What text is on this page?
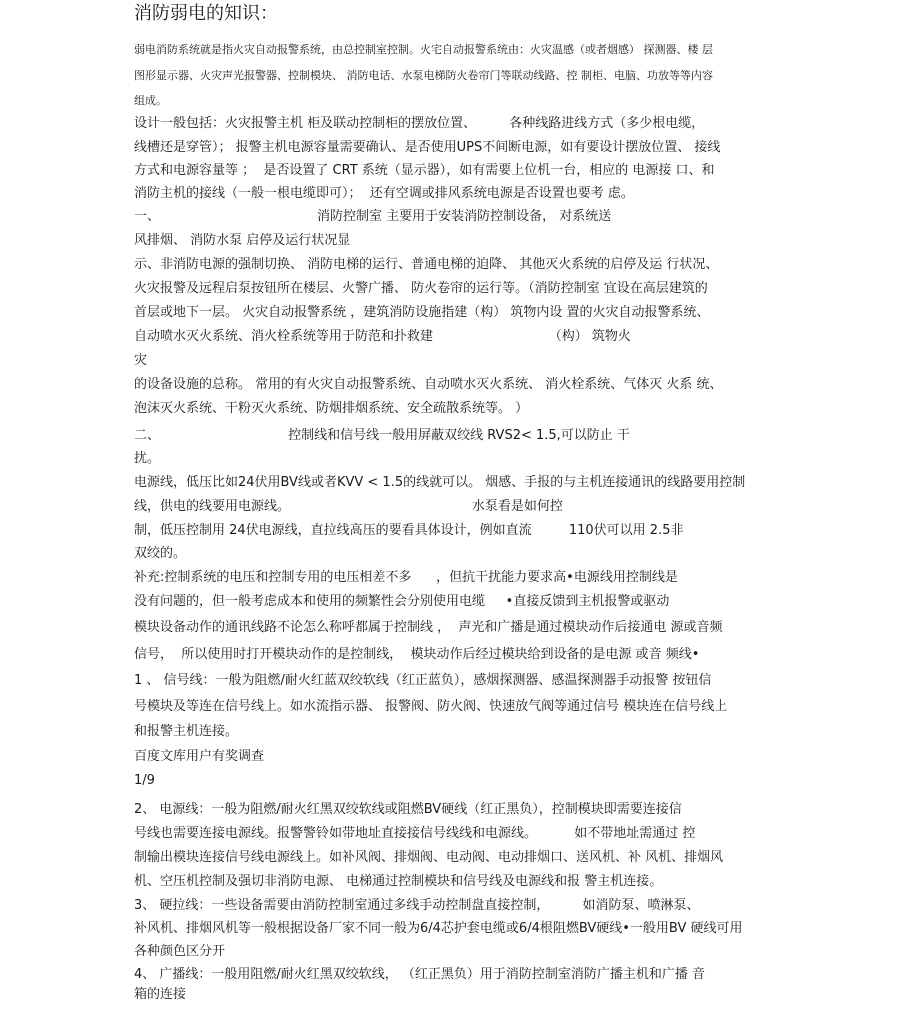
消防弱电的知识：
弱电消防系统就是指火灾自动报警系统，由总控制室控制。火宅自动报警系统由：火灾温感（或者烟感） 探测器、楼 层
图形显示器、火灾声光报警器、控制模块、 消防电话、水泵电梯防火卷帘门等联动线路、控 制柜、电脑、功放等等内容
组成。
设计一般包括：火灾报警主机 柜及联动控制柜的摆放位置、        各种线路进线方式（多少根电缆，
线槽还是穿管）； 报警主机电源容量需要确认、是否使用UPS不间断电源，如有要设计摆放位置、 接线
方式和电源容量等 ；  是否设置了 CRT 系统（显示器），如有需要上位机一台，相应的 电源接 口、和
消防主机的接线（一般一根电缆即可）；  还有空调或排风系统电源是否设置也要考 虑。
一、                                      消防控制室 主要用于安装消防控制设备， 对系统送
风排烟、 消防水泵 启停及运行状况显
示、非消防电源的强制切换、 消防电梯的运行、普通电梯的迫降、 其他灭火系统的启停及运 行状况、
火灾报警及远程启泵按钮所在楼层、火警广播、 防火卷帘的运行等。（消防控制室 宜设在高层建筑的
首层或地下一层。 火灾自动报警系统 ，建筑消防设施指建（构） 筑物内设 置的火灾自动报警系统、
自动喷水灭火系统、消火栓系统等用于防范和扑救建                            （构） 筑物火
灾
的设备设施的总称。 常用的有火灾自动报警系统、自动喷水灭火系统、 消火栓系统、气体灭 火系 统、
泡沫灭火系统、干粉灭火系统、防烟排烟系统、安全疏散系统等。 ）
二、                               控制线和信号线一般用屏蔽双绞线 RVS2< 1.5,可以防止 干
扰。
电源线，低压比如24伏用BV线或者KVV < 1.5的线就可以。 烟感、手报的与主机连接通讯的线路要用控制
线，供电的线要用电源线。                                            水泵看是如何控
制，低压控制用 24伏电源线，直拉线高压的要看具体设计，例如直流         110伏可以用 2.5非
双绞的。
补充:控制系统的电压和控制专用的电压相差不多      ，但抗干扰能力要求高•电源线用控制线是
没有问题的，但一般考虑成本和使用的频繁性会分别使用电缆     •直接反馈到主机报警或驱动
模块设备动作的通讯线路不论怎么称呼都属于控制线 ，  声光和广播是通过模块动作后接通电 源或音频
信号，  所以使用时打开模块动作的是控制线，  模块动作后经过模块给到设备的是电源 或音 频线•
1 、 信号线：一般为阻燃/耐火红蓝双绞软线（红正蓝负），感烟探测器、感温探测器手动报警 按钮信
号模块及等连在信号线上。如水流指示器、 报警阀、防火阀、快速放气阀等通过信号 模块连在信号线上
和报警主机连接。
百度文库用户有奖调查
1/9
2、 电源线：一般为阻燃/耐火红黑双绞软线或阻燃BV硬线（红正黑负），控制模块即需要连接信
号线也需要连接电源线。报警警铃如带地址直接接信号线线和电源线。         如不带地址需通过 控
制输出模块连接信号线电源线上。如补风阀、排烟阀、电动阀、电动排烟口、送风机、补 风机、排烟风
机、空压机控制及强切非消防电源、 电梯通过控制模块和信号线及电源线和报 警主机连接。
3、 硬拉线：一些设备需要由消防控制室通过多线手动控制盘直接控制，        如消防泵、喷淋泵、
补风机、排烟风机等一般根据设备厂家不同一般为6/4芯护套电缆或6/4根阻燃BV硬线•一般用BV 硬线可用
各种颜色区分开
4、 广播线：一般用阻燃/耐火红黑双绞软线， （红正黑负）用于消防控制室消防广播主机和广播 音
箱的连接
